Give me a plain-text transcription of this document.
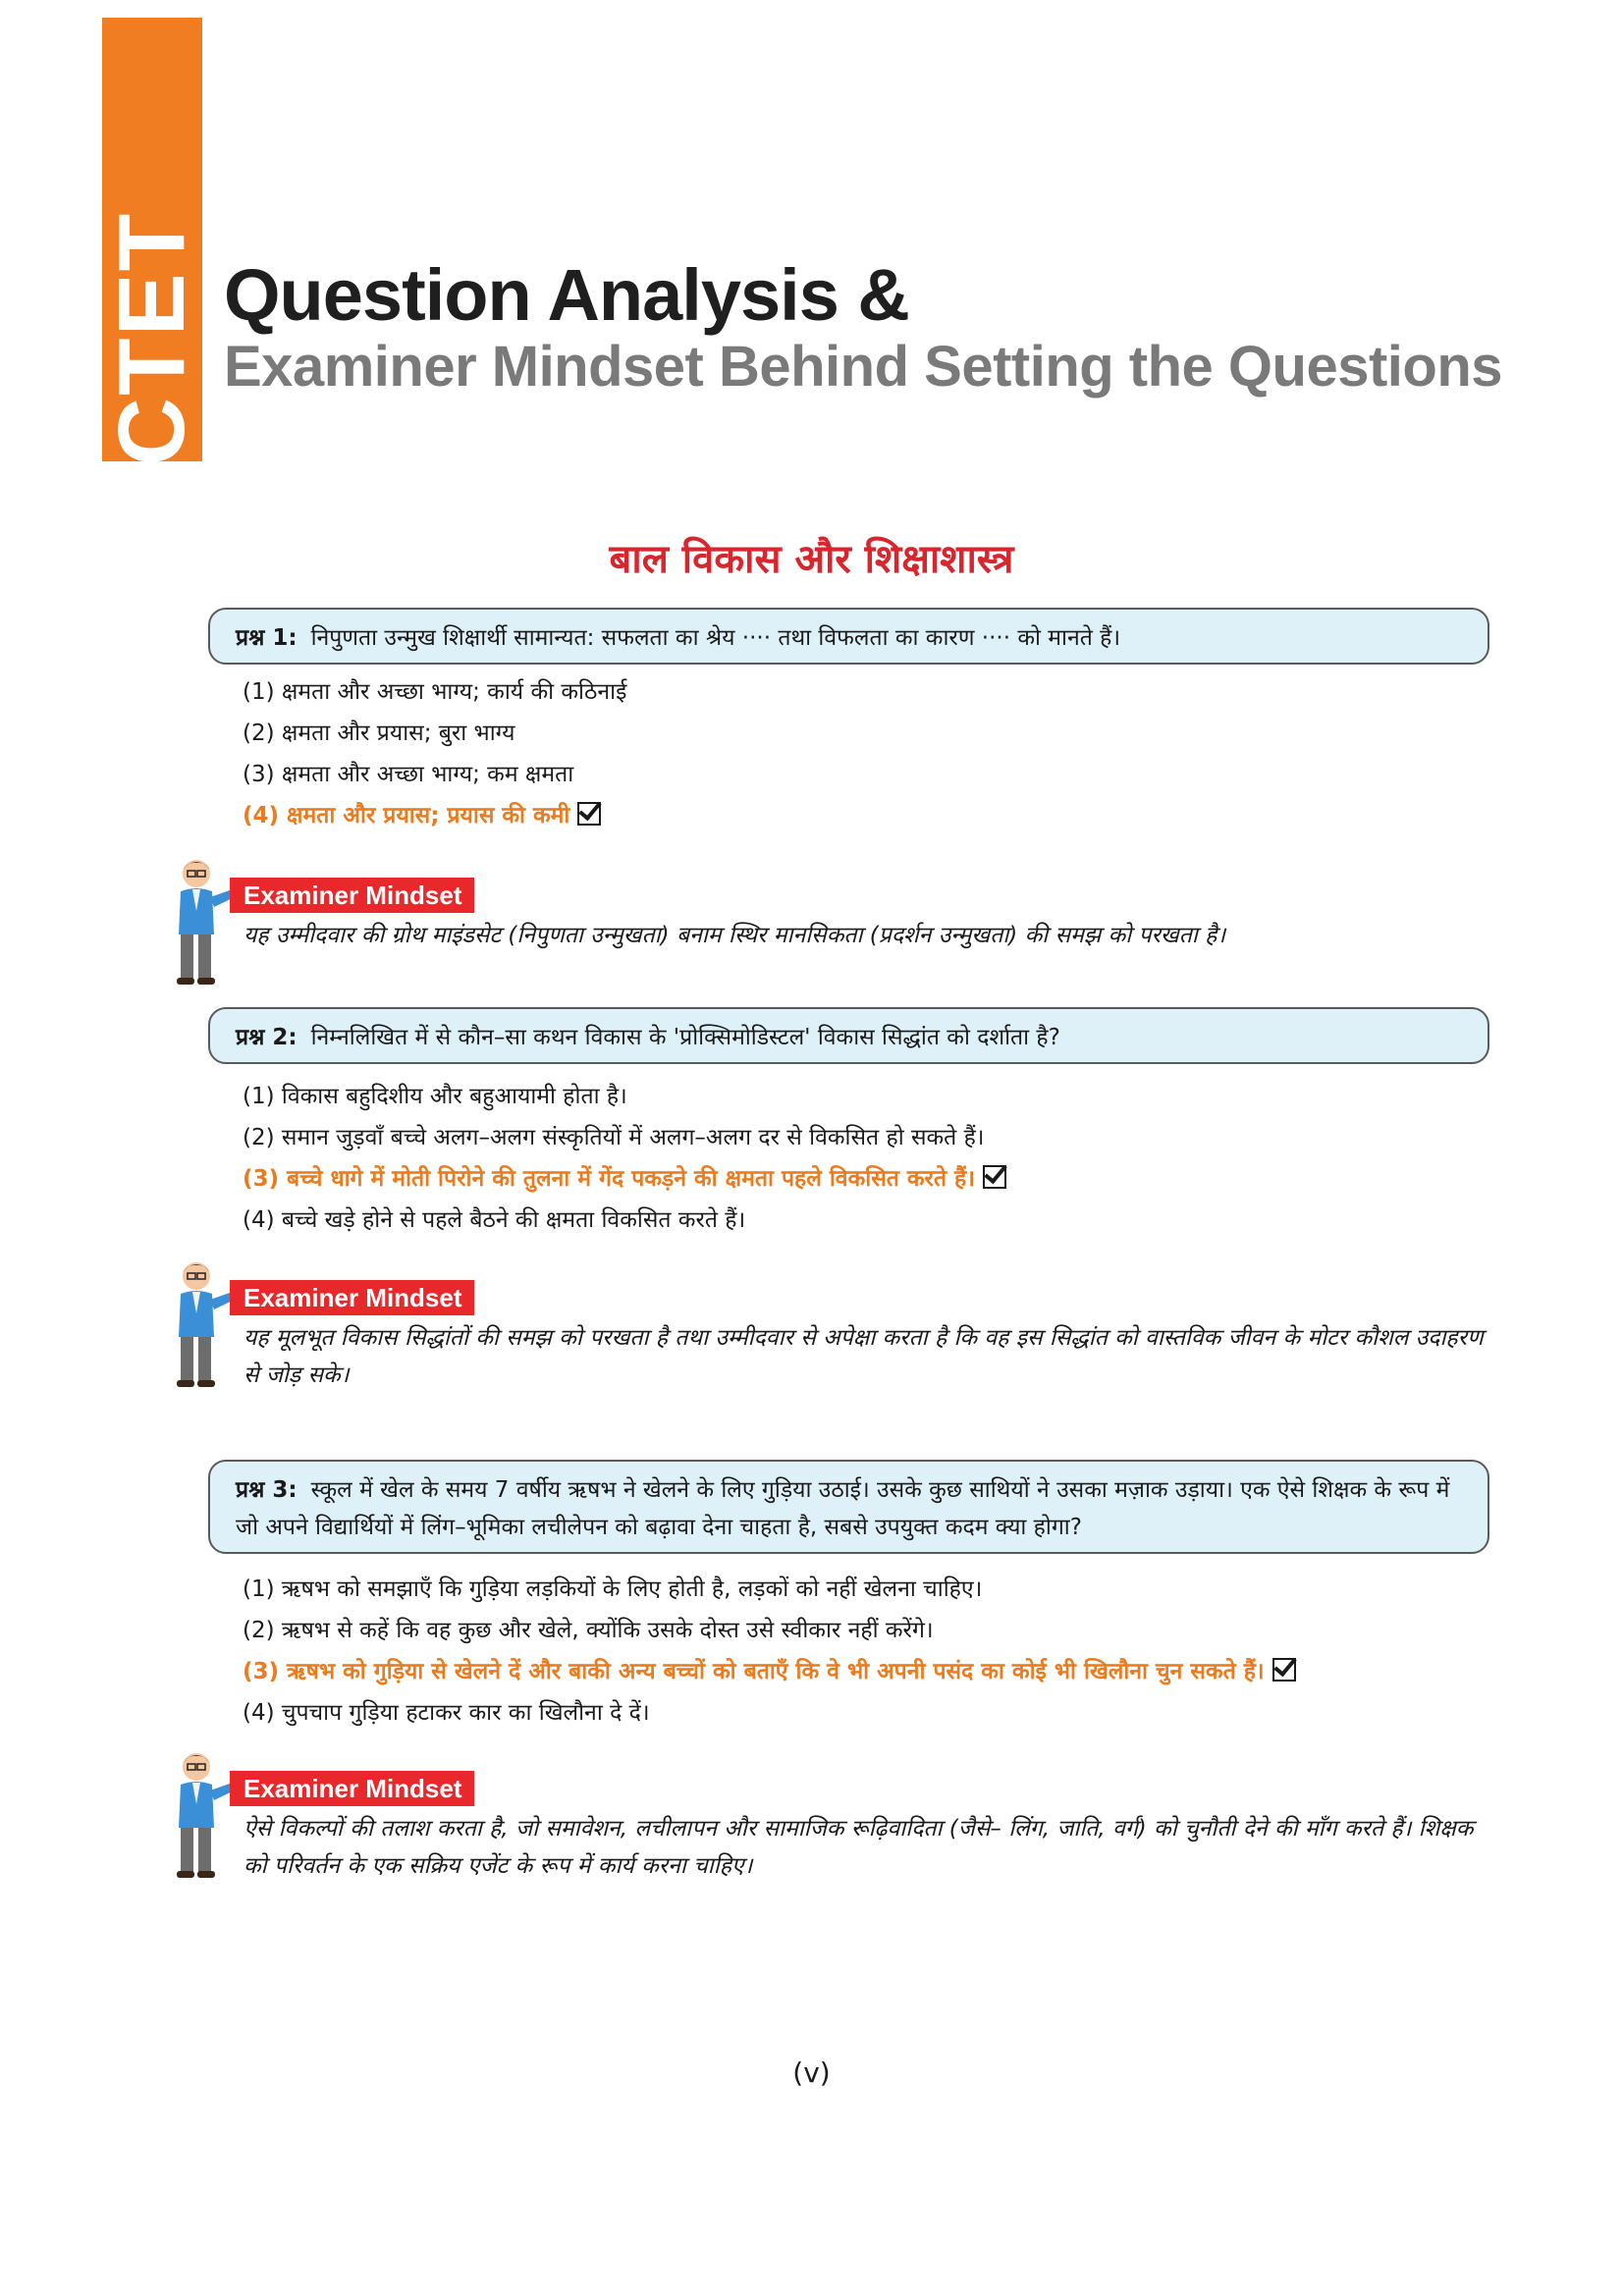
CTET Question Analysis &
Examiner Mindset Behind Setting the Questions
बाल विकास और शिक्षाशास्त्र
प्रश्न 1: निपुणता उन्मुख शिक्षार्थी सामान्यत: सफलता का श्रेय ···· तथा विफलता का कारण ···· को मानते हैं।
(1) क्षमता और अच्छा भाग्य; कार्य की कठिनाई
(2) क्षमता और प्रयास; बुरा भाग्य
(3) क्षमता और अच्छा भाग्य; कम क्षमता
(4) क्षमता और प्रयास; प्रयास की कमी
Examiner Mindset
यह उम्मीदवार की ग्रोथ माइंडसेट (निपुणता उन्मुखता) बनाम स्थिर मानसिकता (प्रदर्शन उन्मुखता) की समझ को परखता है।
प्रश्न 2: निम्नलिखित में से कौन–सा कथन विकास के 'प्रोक्सिमोडिस्टल' विकास सिद्धांत को दर्शाता है?
(1) विकास बहुदिशीय और बहुआयामी होता है।
(2) समान जुड़वाँ बच्चे अलग–अलग संस्कृतियों में अलग–अलग दर से विकसित हो सकते हैं।
(3) बच्चे धागे में मोती पिरोने की तुलना में गेंद पकड़ने की क्षमता पहले विकसित करते हैं।
(4) बच्चे खड़े होने से पहले बैठने की क्षमता विकसित करते हैं।
Examiner Mindset
यह मूलभूत विकास सिद्धांतों की समझ को परखता है तथा उम्मीदवार से अपेक्षा करता है कि वह इस सिद्धांत को वास्तविक जीवन के मोटर कौशल उदाहरण से जोड़ सके।
प्रश्न 3: स्कूल में खेल के समय 7 वर्षीय ऋषभ ने खेलने के लिए गुड़िया उठाई। उसके कुछ साथियों ने उसका मज़ाक उड़ाया। एक ऐसे शिक्षक के रूप में जो अपने विद्यार्थियों में लिंग–भूमिका लचीलेपन को बढ़ावा देना चाहता है, सबसे उपयुक्त कदम क्या होगा?
(1) ऋषभ को समझाएँ कि गुड़िया लड़कियों के लिए होती है, लड़कों को नहीं खेलना चाहिए।
(2) ऋषभ से कहें कि वह कुछ और खेले, क्योंकि उसके दोस्त उसे स्वीकार नहीं करेंगे।
(3) ऋषभ को गुड़िया से खेलने दें और बाकी अन्य बच्चों को बताएँ कि वे भी अपनी पसंद का कोई भी खिलौना चुन सकते हैं।
(4) चुपचाप गुड़िया हटाकर कार का खिलौना दे दें।
Examiner Mindset
ऐसे विकल्पों की तलाश करता है, जो समावेशन, लचीलापन और सामाजिक रूढ़िवादिता (जैसे– लिंग, जाति, वर्ग) को चुनौती देने की माँग करते हैं। शिक्षक को परिवर्तन के एक सक्रिय एजेंट के रूप में कार्य करना चाहिए।
(v)
